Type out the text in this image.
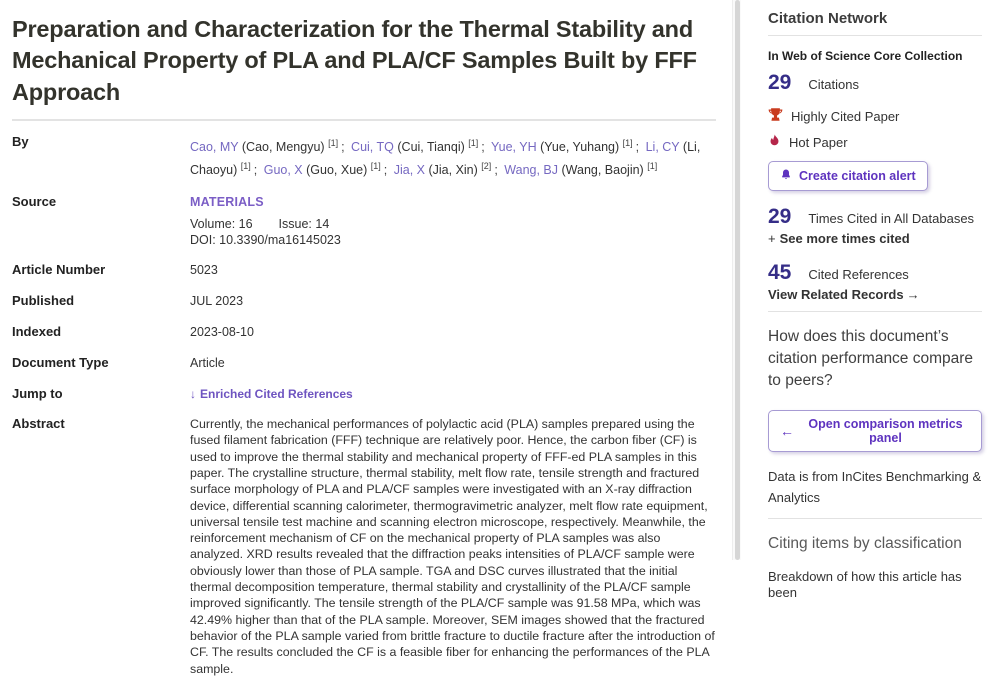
Preparation and Characterization for the Thermal Stability and Mechanical Property of PLA and PLA/CF Samples Built by FFF Approach
By	Cao, MY (Cao, Mengyu) [1] ; Cui, TQ (Cui, Tianqi) [1] ; Yue, YH (Yue, Yuhang) [1] ; Li, CY (Li, Chaoyu) [1] ; Guo, X (Guo, Xue) [1] ; Jia, X (Jia, Xin) [2] ; Wang, BJ (Wang, Baojin) [1]
Source	MATERIALS
Volume: 16 Issue: 14
DOI: 10.3390/ma16145023
Article Number	5023
Published	JUL 2023
Indexed	2023-08-10
Document Type	Article
Jump to	↓ Enriched Cited References
Abstract	Currently, the mechanical performances of polylactic acid (PLA) samples prepared using the fused filament fabrication (FFF) technique are relatively poor. Hence, the carbon fiber (CF) is used to improve the thermal stability and mechanical property of FFF-ed PLA samples in this paper. The crystalline structure, thermal stability, melt flow rate, tensile strength and fractured surface morphology of PLA and PLA/CF samples were investigated with an X-ray diffraction device, differential scanning calorimeter, thermogravimetric analyzer, melt flow rate equipment, universal tensile test machine and scanning electron microscope, respectively. Meanwhile, the reinforcement mechanism of CF on the mechanical property of PLA samples was also analyzed. XRD results revealed that the diffraction peaks intensities of PLA/CF sample were obviously lower than those of PLA sample. TGA and DSC curves illustrated that the initial thermal decomposition temperature, thermal stability and crystallinity of the PLA/CF sample improved significantly. The tensile strength of the PLA/CF sample was 91.58 MPa, which was 42.49% higher than that of the PLA sample. Moreover, SEM images showed that the fractured behavior of the PLA sample varied from brittle fracture to ductile fracture after the introduction of CF. The results concluded the CF is a feasible fiber for enhancing the performances of the PLA sample.
Citation Network
In Web of Science Core Collection
29 Citations
Highly Cited Paper
Hot Paper
Create citation alert
29 Times Cited in All Databases
+ See more times cited
45 Cited References
View Related Records →
How does this document’s citation performance compare to peers?
←	Open comparison metrics panel
Data is from InCites Benchmarking & Analytics
Citing items by classification
Breakdown of how this article has been
